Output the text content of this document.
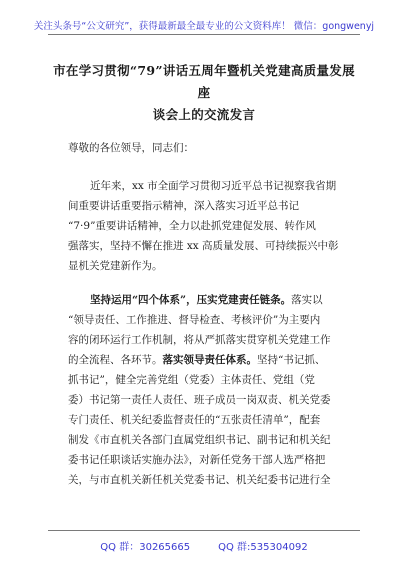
关注头条号“公文研究”，获得最新最全最专业的公文资料库！ 微信：gongwenyj
市在学习贯彻“79”讲话五周年暨机关党建高质量发展座
谈会上的交流发言
尊敬的各位领导，同志们：
近年来，xx 市全面学习贯彻习近平总书记视察我省期
间重要讲话重要指示精神，深入落实习近平总书记
“7·9”重要讲话精神，全力以赴抓党建促发展、转作风
强落实，坚持不懈在推进 xx 高质量发展、可持续振兴中彰
显机关党建新作为。
坚持运用“四个体系”，压实党建责任链条。落实以
“领导责任、工作推进、督导检查、考核评价”为主要内
容的闭环运行工作机制，将从严抓落实贯穿机关党建工作
的全流程、各环节。落实领导责任体系。坚持“书记抓、
抓书记”，健全完善党组（党委）主体责任、党组（党
委）书记第一责任人责任、班子成员一岗双责、机关党委
专门责任、机关纪委监督责任的“五张责任清单”，配套
制发《市直机关各部门直属党组织书记、副书记和机关纪
委书记任职谈话实施办法》，对新任党务干部人选严格把
关，与市直机关新任机关党委书记、机关纪委书记进行全
QQ 群：30265665	QQ 群:535304092
